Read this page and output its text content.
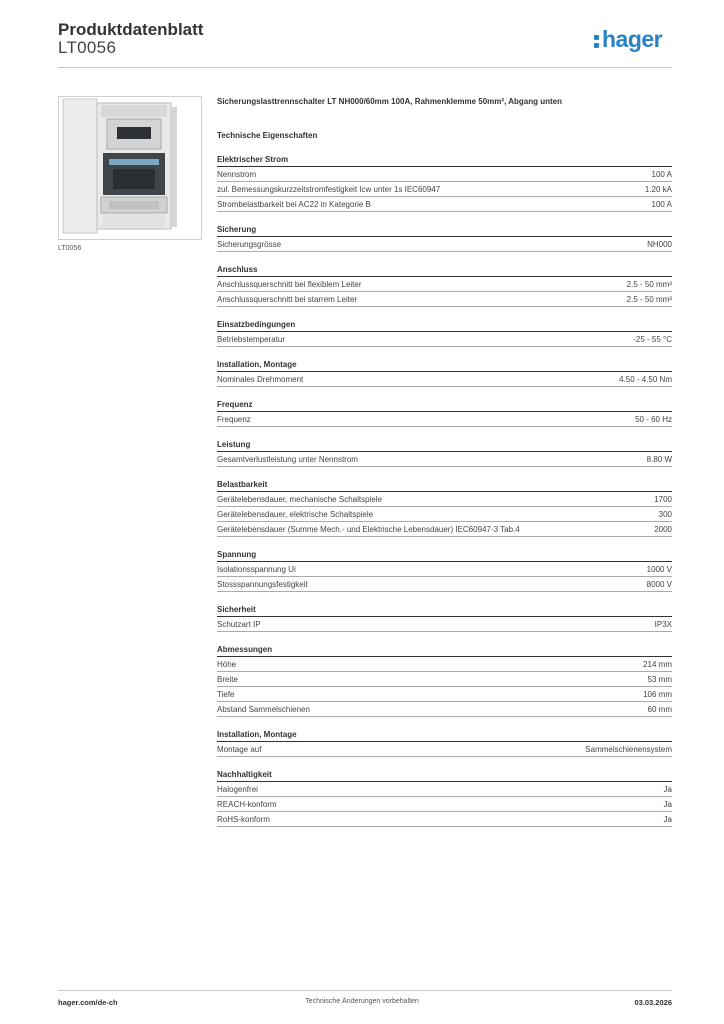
Produktdatenblatt
LT0056	hager
LT0056
Sicherungslasttrennschalter LT NH000/60mm 100A, Rahmenklemme 50mm², Abgang unten
Technische Eigenschaften
Elektrischer Strom
Nennstrom	100 A
zul. Bemessungskurzzeitstromfestigkeit Icw unter 1s IEC60947	1.20 kA
Strombelastbarkeit bei AC22 in Kategorie B	100 A
Sicherung
Sicherungsgrösse	NH000
Anschluss
Anschlussquerschnitt bei flexiblem Leiter	2.5 - 50 mm²
Anschlussquerschnitt bei starrem Leiter	2.5 - 50 mm²
Einsatzbedingungen
Betriebstemperatur	-25 - 55 °C
Installation, Montage
Nominales Drehmoment	4.50 - 4.50 Nm
Frequenz
Frequenz	50 - 60 Hz
Leistung
Gesamtverlustleistung unter Nennstrom	8.80 W
Belastbarkeit
Gerätelebensdauer, mechanische Schaltspiele	1700
Gerätelebensdauer, elektrische Schaltspiele	300
Gerätelebensdauer (Summe Mech.- und Elektrische Lebensdauer) IEC60947-3 Tab.4	2000
Spannung
Isolationsspannung Ui	1000 V
Stossspannungsfestigkeit	8000 V
Sicherheit
Schutzart IP	IP3X
Abmessungen
Höhe	214 mm
Breite	53 mm
Tiefe	106 mm
Abstand Sammelschienen	60 mm
Installation, Montage
Montage auf	Sammelschienensystem
Nachhaltigkeit
Halogenfrei	Ja
REACH-konform	Ja
RoHS-konform	Ja
hager.com/de-ch	Technische Änderungen vorbehalten	03.03.2026
